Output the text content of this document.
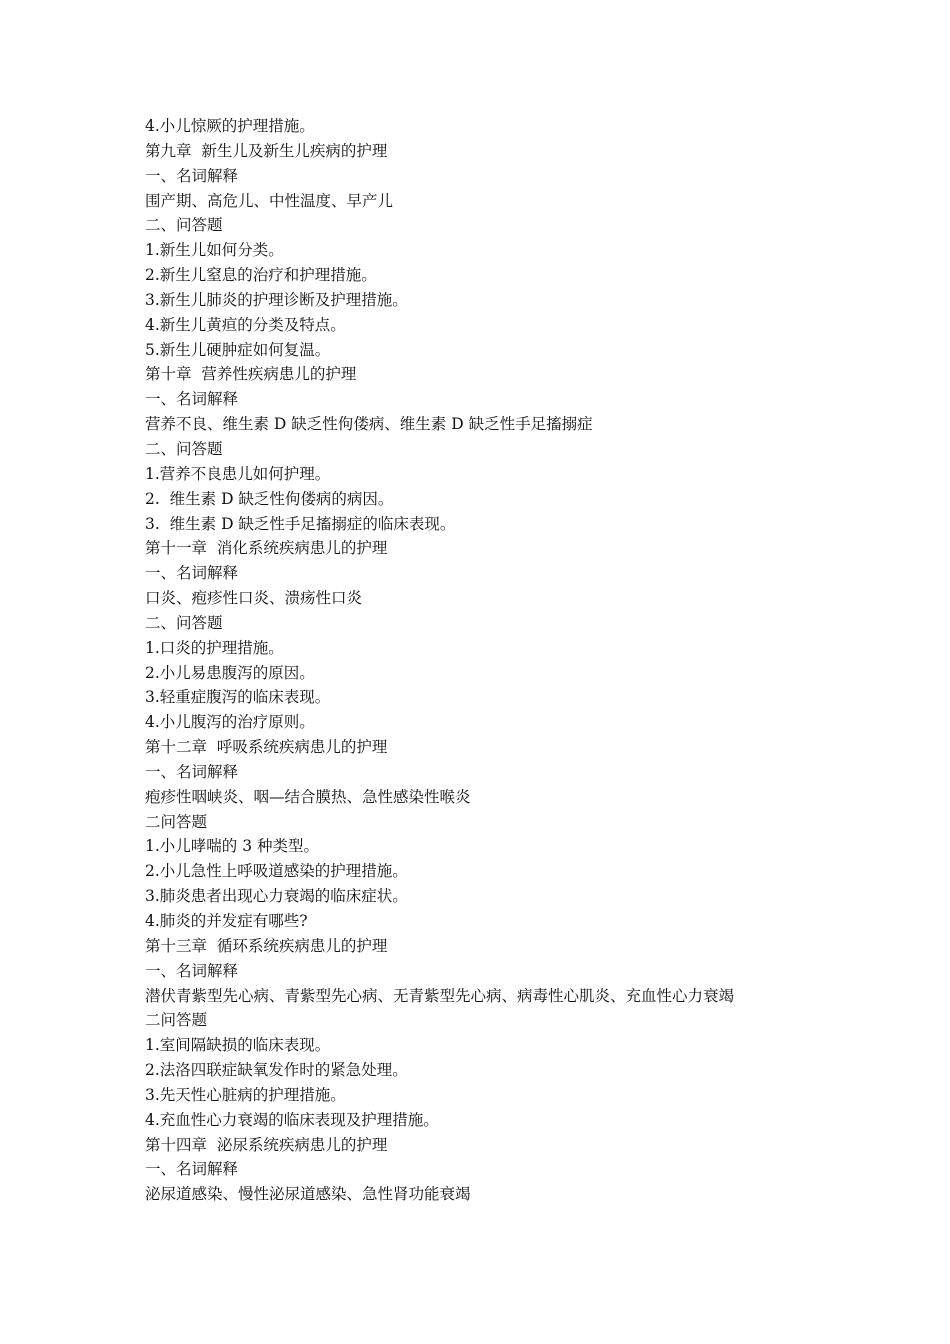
4.小儿惊厥的护理措施。
第九章  新生儿及新生儿疾病的护理
一、名词解释
围产期、高危儿、中性温度、早产儿
二、问答题
1.新生儿如何分类。
2.新生儿窒息的治疗和护理措施。
3.新生儿肺炎的护理诊断及护理措施。
4.新生儿黄疸的分类及特点。
5.新生儿硬肿症如何复温。
第十章  营养性疾病患儿的护理
一、名词解释
营养不良、维生素 D 缺乏性佝偻病、维生素 D 缺乏性手足搐搦症
二、问答题
1.营养不良患儿如何护理。
2.  维生素 D 缺乏性佝偻病的病因。
3.  维生素 D 缺乏性手足搐搦症的临床表现。
第十一章  消化系统疾病患儿的护理
一、名词解释
口炎、疱疹性口炎、溃疡性口炎
二、问答题
1.口炎的护理措施。
2.小儿易患腹泻的原因。
3.轻重症腹泻的临床表现。
4.小儿腹泻的治疗原则。
第十二章  呼吸系统疾病患儿的护理
一、名词解释
疱疹性咽峡炎、咽—结合膜热、急性感染性喉炎
二问答题
1.小儿哮喘的 3 种类型。
2.小儿急性上呼吸道感染的护理措施。
3.肺炎患者出现心力衰竭的临床症状。
4.肺炎的并发症有哪些?
第十三章  循环系统疾病患儿的护理
一、名词解释
潜伏青紫型先心病、青紫型先心病、无青紫型先心病、病毒性心肌炎、充血性心力衰竭
二问答题
1.室间隔缺损的临床表现。
2.法洛四联症缺氧发作时的紧急处理。
3.先天性心脏病的护理措施。
4.充血性心力衰竭的临床表现及护理措施。
第十四章  泌尿系统疾病患儿的护理
一、名词解释
泌尿道感染、慢性泌尿道感染、急性肾功能衰竭
